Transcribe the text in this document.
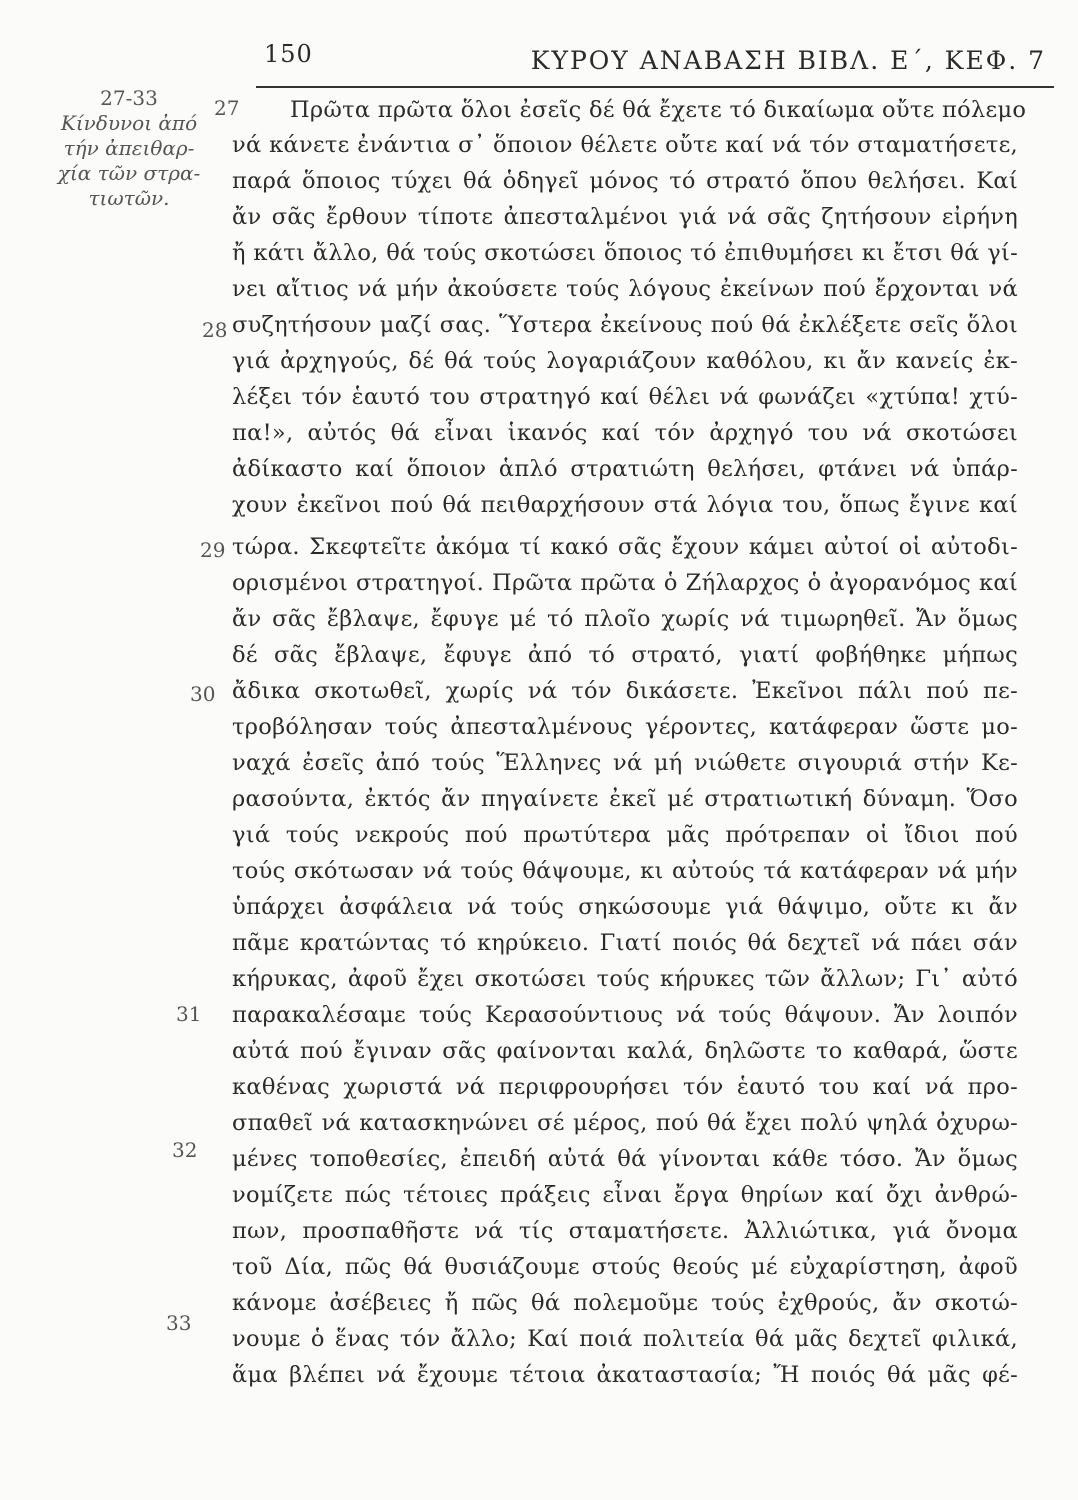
150	ΚΥΡΟΥ ΑΝΑΒΑΣΗ ΒΙΒΛ. Ε΄, ΚΕΦ. 7
27-33
Κίνδυνοι ἀπό
τήν ἀπειθαρ-
χία τῶν στρα-
τιωτῶν.
27
28
29
30
31
32
33
Πρῶτα πρῶτα ὅλοι ἐσεῖς δέ θά ἔχετε τό δικαίωμα οὔτε πόλεμο
νά κάνετε ἐνάντια σ᾽ ὅποιον θέλετε οὔτε καί νά τόν σταματήσετε,
παρά ὅποιος τύχει θά ὁδηγεῖ μόνος τό στρατό ὅπου θελήσει. Καί
ἄν σᾶς ἔρθουν τίποτε ἀπεσταλμένοι γιά νά σᾶς ζητήσουν εἰρήνη
ἤ κάτι ἄλλο, θά τούς σκοτώσει ὅποιος τό ἐπιθυμήσει κι ἔτσι θά γί-
νει αἴτιος νά μήν ἀκούσετε τούς λόγους ἐκείνων πού ἔρχονται νά
συζητήσουν μαζί σας. Ὕστερα ἐκείνους πού θά ἐκλέξετε σεῖς ὅλοι
γιά ἀρχηγούς, δέ θά τούς λογαριάζουν καθόλου, κι ἄν κανείς ἐκ-
λέξει τόν ἑαυτό του στρατηγό καί θέλει νά φωνάζει «χτύπα! χτύ-
πα!», αὐτός θά εἶναι ἱκανός καί τόν ἀρχηγό του νά σκοτώσει
ἀδίκαστο καί ὅποιον ἁπλό στρατιώτη θελήσει, φτάνει νά ὑπάρ-
χουν ἐκεῖνοι πού θά πειθαρχήσουν στά λόγια του, ὅπως ἔγινε καί
τώρα. Σκεφτεῖτε ἀκόμα τί κακό σᾶς ἔχουν κάμει αὐτοί οἱ αὐτοδι-
ορισμένοι στρατηγοί. Πρῶτα πρῶτα ὁ Ζήλαρχος ὁ ἀγορανόμος καί
ἄν σᾶς ἔβλαψε, ἔφυγε μέ τό πλοῖο χωρίς νά τιμωρηθεῖ. Ἄν ὅμως
δέ σᾶς ἔβλαψε, ἔφυγε ἀπό τό στρατό, γιατί φοβήθηκε μήπως
ἄδικα σκοτωθεῖ, χωρίς νά τόν δικάσετε. Ἐκεῖνοι πάλι πού πε-
τροβόλησαν τούς ἀπεσταλμένους γέροντες, κατάφεραν ὥστε μο-
ναχά ἐσεῖς ἀπό τούς Ἕλληνες νά μή νιώθετε σιγουριά στήν Κε-
ρασούντα, ἐκτός ἄν πηγαίνετε ἐκεῖ μέ στρατιωτική δύναμη. Ὅσο
γιά τούς νεκρούς πού πρωτύτερα μᾶς πρότρεπαν οἱ ἴδιοι πού
τούς σκότωσαν νά τούς θάψουμε, κι αὐτούς τά κατάφεραν νά μήν
ὑπάρχει ἀσφάλεια νά τούς σηκώσουμε γιά θάψιμο, οὔτε κι ἄν
πᾶμε κρατώντας τό κηρύκειο. Γιατί ποιός θά δεχτεῖ νά πάει σάν
κήρυκας, ἀφοῦ ἔχει σκοτώσει τούς κήρυκες τῶν ἄλλων; Γι᾽ αὐτό
παρακαλέσαμε τούς Κερασούντιους νά τούς θάψουν. Ἄν λοιπόν
αὐτά πού ἔγιναν σᾶς φαίνονται καλά, δηλῶστε το καθαρά, ὥστε
καθένας χωριστά νά περιφρουρήσει τόν ἑαυτό του καί νά προ-
σπαθεῖ νά κατασκηνώνει σέ μέρος, πού θά ἔχει πολύ ψηλά ὀχυρω-
μένες τοποθεσίες, ἐπειδή αὐτά θά γίνονται κάθε τόσο. Ἄν ὅμως
νομίζετε πώς τέτοιες πράξεις εἶναι ἔργα θηρίων καί ὄχι ἀνθρώ-
πων, προσπαθῆστε νά τίς σταματήσετε. Ἀλλιώτικα, γιά ὄνομα
τοῦ Δία, πῶς θά θυσιάζουμε στούς θεούς μέ εὐχαρίστηση, ἀφοῦ
κάνομε ἀσέβειες ἤ πῶς θά πολεμοῦμε τούς ἐχθρούς, ἄν σκοτώ-
νουμε ὁ ἕνας τόν ἄλλο; Καί ποιά πολιτεία θά μᾶς δεχτεῖ φιλικά,
ἅμα βλέπει νά ἔχουμε τέτοια ἀκαταστασία; Ἤ ποιός θά μᾶς φέ-
